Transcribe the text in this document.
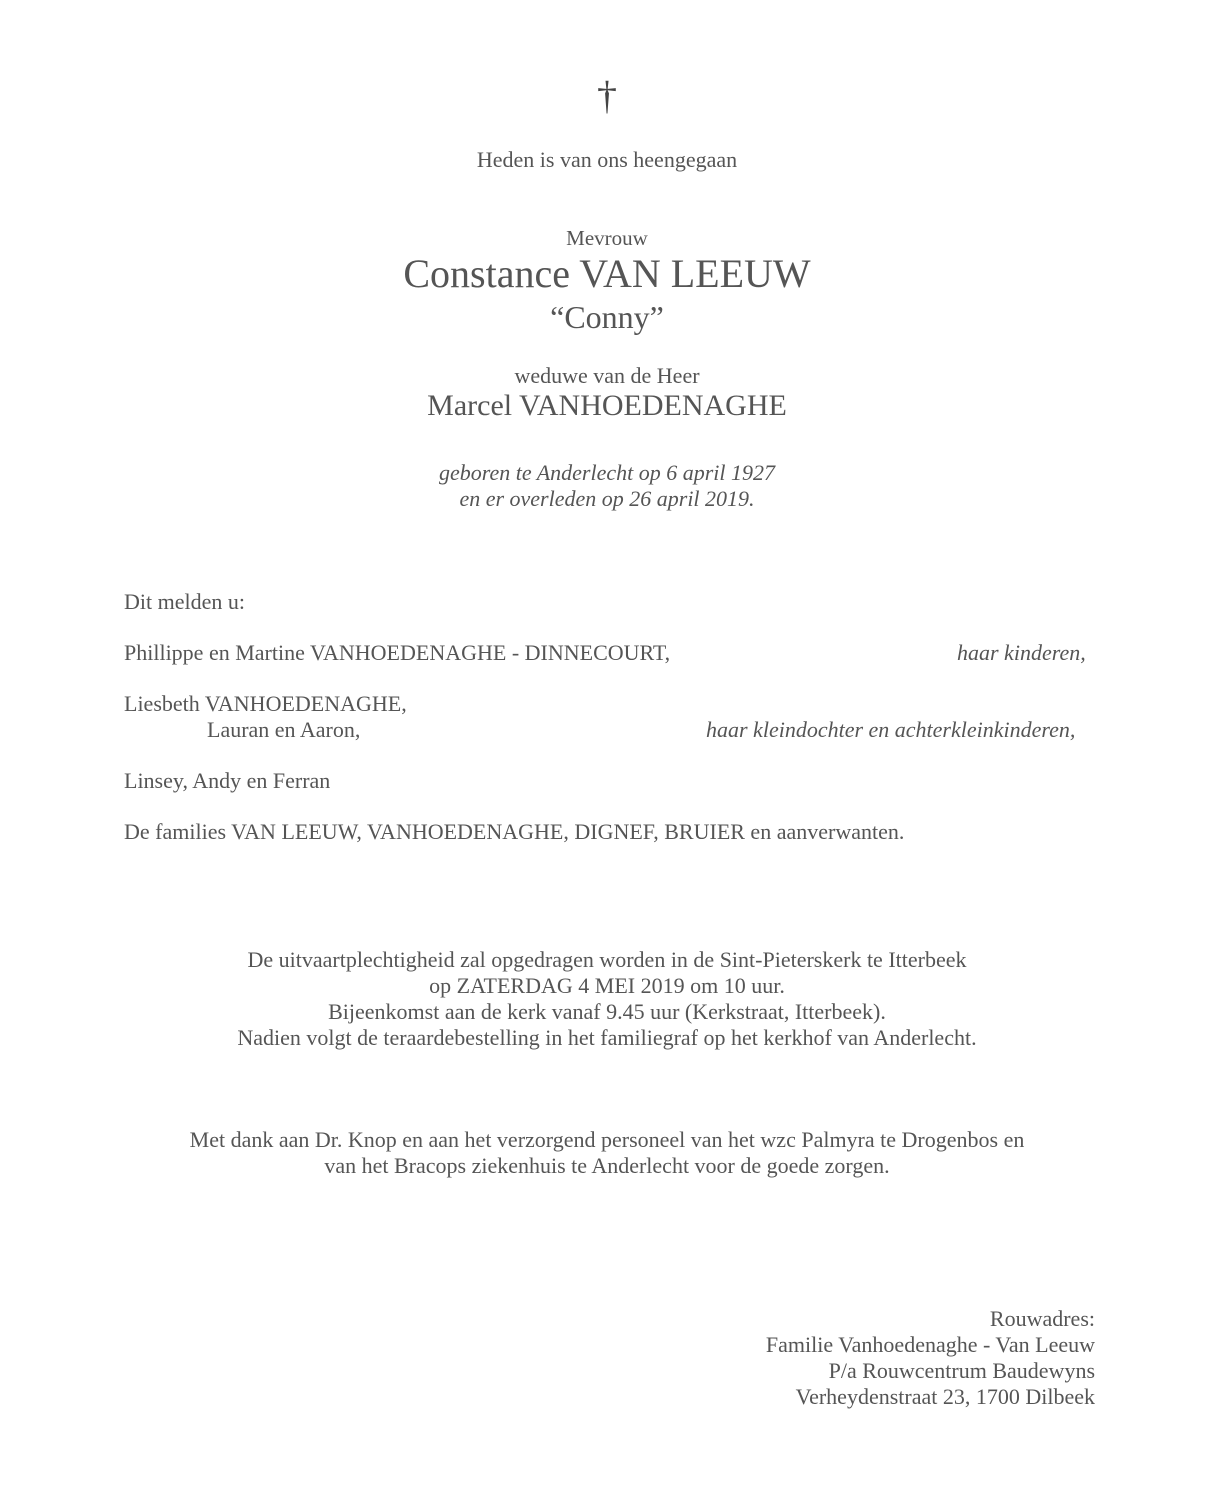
†
Heden is van ons heengegaan
Mevrouw
Constance VAN LEEUW
“Conny”
weduwe van de Heer
Marcel VANHOEDENAGHE
geboren te Anderlecht op 6 april 1927
en er overleden op 26 april 2019.
Dit melden u:
Phillippe en Martine VANHOEDENAGHE - DINNECOURT,	haar kinderen,
Liesbeth VANHOEDENAGHE,
Lauran en Aaron,	haar kleindochter en achterkleinkinderen,
Linsey, Andy en Ferran
De families VAN LEEUW, VANHOEDENAGHE, DIGNEF, BRUIER en aanverwanten.
De uitvaartplechtigheid zal opgedragen worden in de Sint-Pieterskerk te Itterbeek
op ZATERDAG 4 MEI 2019 om 10 uur.
Bijeenkomst aan de kerk vanaf 9.45 uur (Kerkstraat, Itterbeek).
Nadien volgt de teraardebestelling in het familiegraf op het kerkhof van Anderlecht.
Met dank aan Dr. Knop en aan het verzorgend personeel van het wzc Palmyra te Drogenbos en
van het Bracops ziekenhuis te Anderlecht voor de goede zorgen.
Rouwadres:
Familie Vanhoedenaghe - Van Leeuw
P/a Rouwcentrum Baudewyns
Verheydenstraat 23, 1700 Dilbeek
